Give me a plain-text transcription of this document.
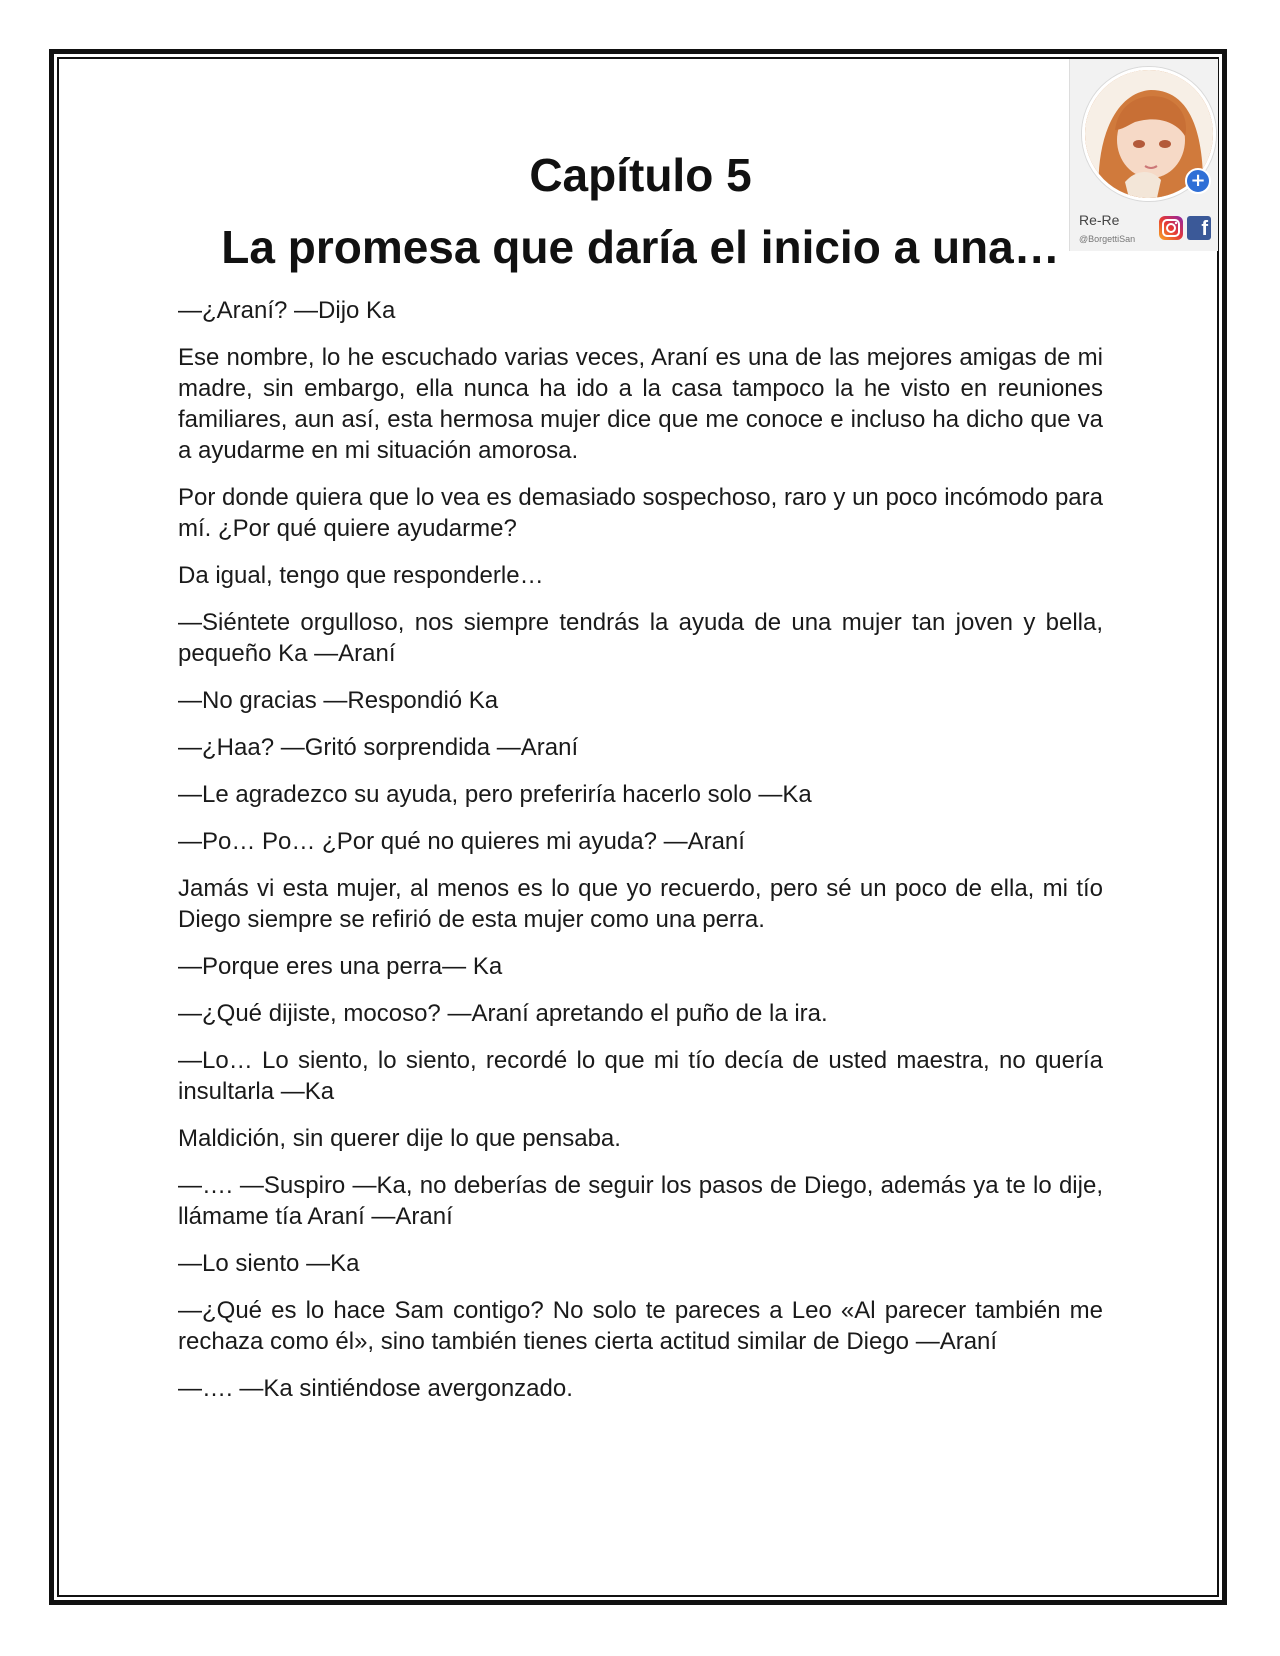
Capítulo 5
La promesa que daría el inicio a una…

—¿Araní? —Dijo Ka

Ese nombre, lo he escuchado varias veces, Araní es una de las mejores amigas de mi madre, sin embargo, ella nunca ha ido a la casa tampoco la he visto en reuniones familiares, aun así, esta hermosa mujer dice que me conoce e incluso ha dicho que va a ayudarme en mi situación amorosa.

Por donde quiera que lo vea es demasiado sospechoso, raro y un poco incómodo para mí. ¿Por qué quiere ayudarme?

Da igual, tengo que responderle…

—Siéntete orgulloso, nos siempre tendrás la ayuda de una mujer tan joven y bella, pequeño Ka —Araní

—No gracias —Respondió Ka

—¿Haa? —Gritó sorprendida —Araní

—Le agradezco su ayuda, pero preferiría hacerlo solo —Ka

—Po… Po… ¿Por qué no quieres mi ayuda? —Araní

Jamás vi esta mujer, al menos es lo que yo recuerdo, pero sé un poco de ella, mi tío Diego siempre se refirió de esta mujer como una perra.

—Porque eres una perra— Ka

—¿Qué dijiste, mocoso? —Araní apretando el puño de la ira.

—Lo… Lo siento, lo siento, recordé lo que mi tío decía de usted maestra, no quería insultarla —Ka

Maldición, sin querer dije lo que pensaba.

—…. —Suspiro —Ka, no deberías de seguir los pasos de Diego, además ya te lo dije, llámame tía Araní —Araní

—Lo siento —Ka

—¿Qué es lo hace Sam contigo? No solo te pareces a Leo «Al parecer también me rechaza como él», sino también tienes cierta actitud similar de Diego —Araní

—…. —Ka sintiéndose avergonzado.

+
Re-Re
@BorgettiSan	f
